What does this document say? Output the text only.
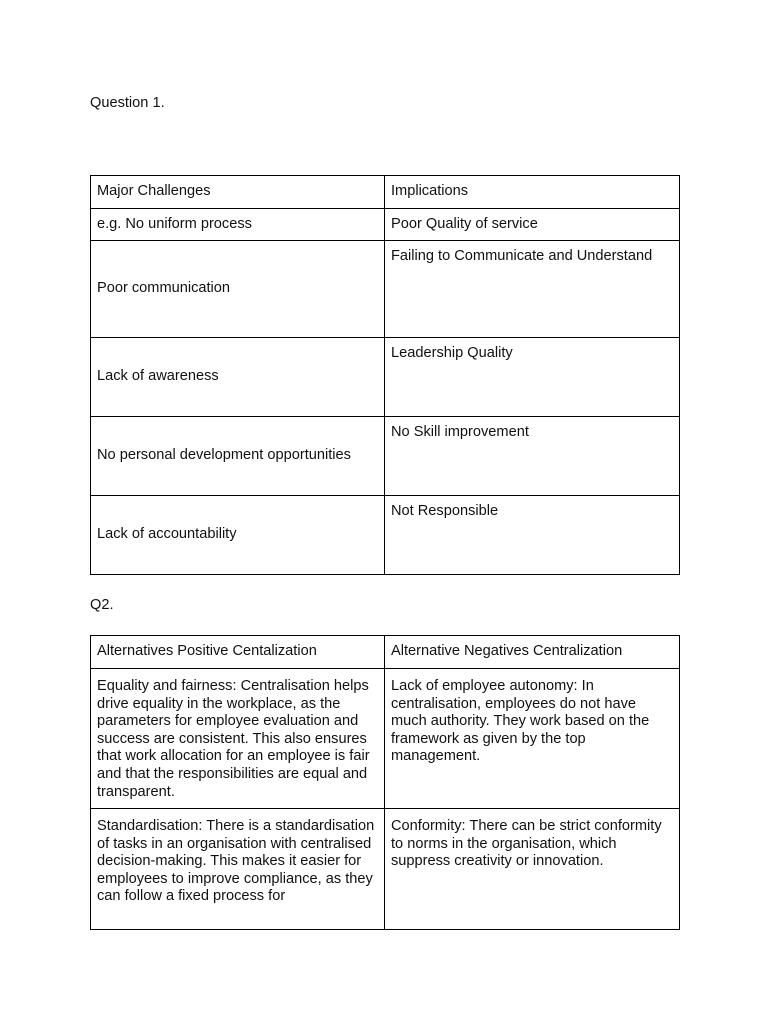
Question 1.

Major Challenges	Implications
e.g. No uniform process	Poor Quality of service
Poor communication	Failing to Communicate and Understand
Lack of awareness	Leadership Quality
No personal development opportunities	No Skill improvement
Lack of accountability	Not Responsible

Q2.

Alternatives Positive Centalization	Alternative Negatives Centralization
Equality and fairness: Centralisation helps drive equality in the workplace, as the parameters for employee evaluation and success are consistent. This also ensures that work allocation for an employee is fair and that the responsibilities are equal and transparent.	Lack of employee autonomy: In centralisation, employees do not have much authority. They work based on the framework as given by the top management.
Standardisation: There is a standardisation of tasks in an organisation with centralised decision-making. This makes it easier for employees to improve compliance, as they can follow a fixed process for	Conformity: There can be strict conformity to norms in the organisation, which suppress creativity or innovation.
